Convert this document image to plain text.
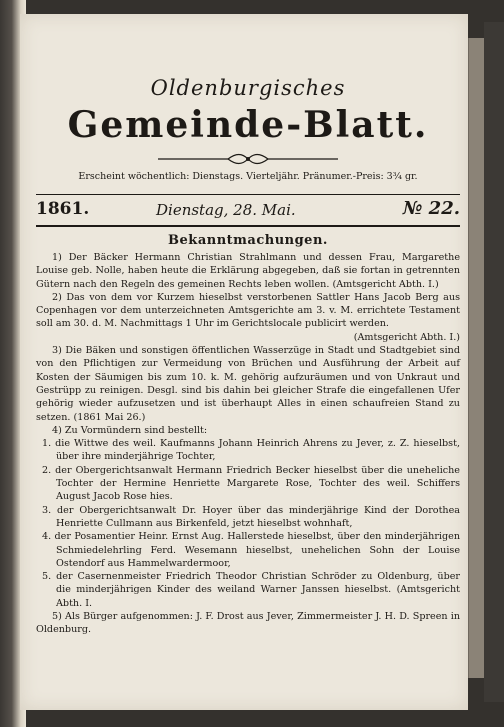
Oldenburgisches

Gemeinde-Blatt.

Erscheint wöchentlich: Dienstags. Vierteljähr. Pränumer.-Preis: 3¾ gr.

1861.	Dienstag, 28. Mai.	№ 22.
Bekanntmachungen.

1) Der Bäcker Hermann Christian Strahlmann und dessen Frau, Margarethe Louise geb. Nolle, haben heute die Erklärung abgegeben, daß sie fortan in getrennten Gütern nach den Regeln des gemeinen Rechts leben wollen. (Amtsgericht Abth. I.)

2) Das von dem vor Kurzem hieselbst verstorbenen Sattler Hans Jacob Berg aus Copenhagen vor dem unterzeichneten Amtsgerichte am 3. v. M. errichtete Testament soll am 30. d. M. Nachmittags 1 Uhr im Gerichtslocale publicirt werden.

(Amtsgericht Abth. I.)

3) Die Bäken und sonstigen öffentlichen Wasserzüge in Stadt und Stadtgebiet sind von den Pflichtigen zur Vermeidung von Brüchen und Ausführung der Arbeit auf Kosten der Säumigen bis zum 10. k. M. gehörig aufzuräumen und von Unkraut und Gestrüpp zu reinigen. Desgl. sind bis dahin bei gleicher Strafe die eingefallenen Ufer gehörig wieder aufzusetzen und ist überhaupt Alles in einen schaufreien Stand zu setzen. (1861 Mai 26.)

4) Zu Vormündern sind bestellt:

1. die Wittwe des weil. Kaufmanns Johann Heinrich Ahrens zu Jever, z. Z. hieselbst, über ihre minderjährige Tochter,

2. der Obergerichtsanwalt Hermann Friedrich Becker hieselbst über die uneheliche Tochter der Hermine Henriette Margarete Rose, Tochter des weil. Schiffers August Jacob Rose hies.

3. der Obergerichtsanwalt Dr. Hoyer über das minderjährige Kind der Dorothea Henriette Cullmann aus Birkenfeld, jetzt hieselbst wohnhaft,

4. der Posamentier Heinr. Ernst Aug. Hallerstede hieselbst, über den minderjährigen Schmiedelehrling Ferd. Wesemann hieselbst, unehelichen Sohn der Louise Ostendorf aus Hammelwardermoor,

5. der Casernenmeister Friedrich Theodor Christian Schröder zu Oldenburg, über die minderjährigen Kinder des weiland Warner Janssen hieselbst. (Amtsgericht Abth. I.

5) Als Bürger aufgenommen: J. F. Drost aus Jever, Zimmermeister J. H. D. Spreen in Oldenburg.
